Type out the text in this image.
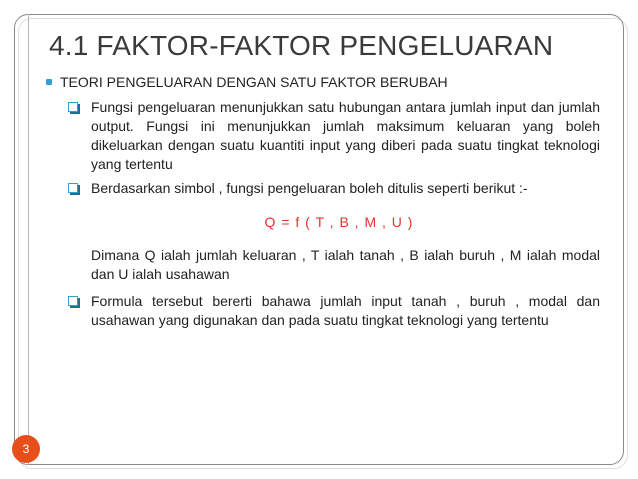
4.1 FAKTOR-FAKTOR PENGELUARAN
TEORI PENGELUARAN DENGAN SATU FAKTOR BERUBAH
Fungsi pengeluaran menunjukkan satu hubungan antara jumlah input dan jumlah output. Fungsi ini menunjukkan jumlah maksimum keluaran yang boleh dikeluarkan dengan suatu kuantiti input yang diberi pada suatu tingkat teknologi yang tertentu
Berdasarkan simbol , fungsi pengeluaran boleh ditulis seperti berikut :-
Q = f ( T , B , M , U )
Dimana Q ialah jumlah keluaran , T ialah tanah , B ialah buruh , M ialah modal dan U ialah usahawan
Formula tersebut bererti bahawa jumlah input tanah , buruh , modal dan usahawan yang digunakan dan pada suatu tingkat teknologi yang tertentu
3
